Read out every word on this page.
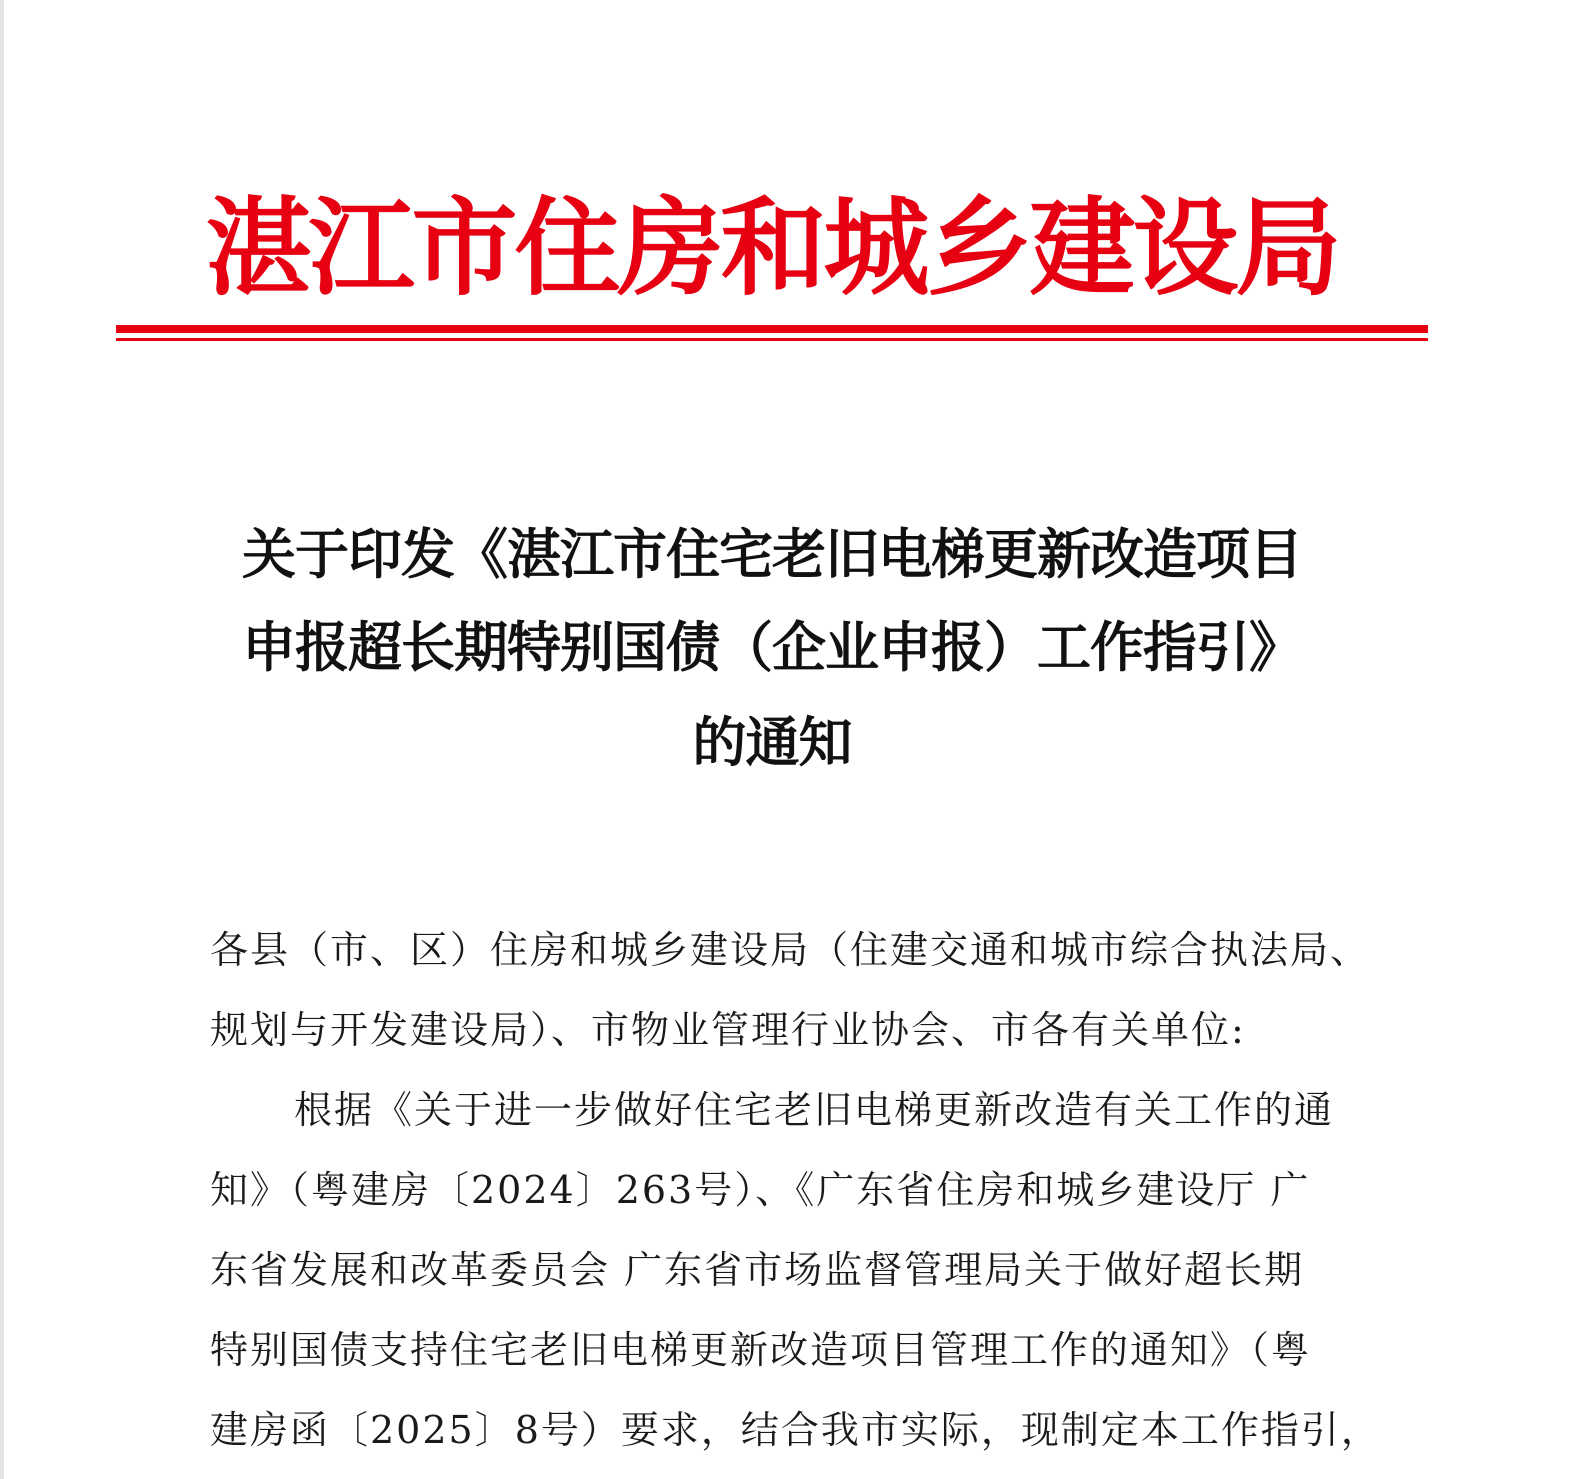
湛江市住房和城乡建设局
关于印发《湛江市住宅老旧电梯更新改造项目
申报超长期特别国债（企业申报）工作指引》
的通知
各县（市、区）住房和城乡建设局（住建交通和城市综合执法局、
规划与开发建设局）、市物业管理行业协会、市各有关单位:
根据《关于进一步做好住宅老旧电梯更新改造有关工作的通
知》（粤建房〔2024〕263号）、《广东省住房和城乡建设厅 广
东省发展和改革委员会 广东省市场监督管理局关于做好超长期
特别国债支持住宅老旧电梯更新改造项目管理工作的通知》（粤
建房函〔2025〕8号）要求，结合我市实际，现制定本工作指引，
